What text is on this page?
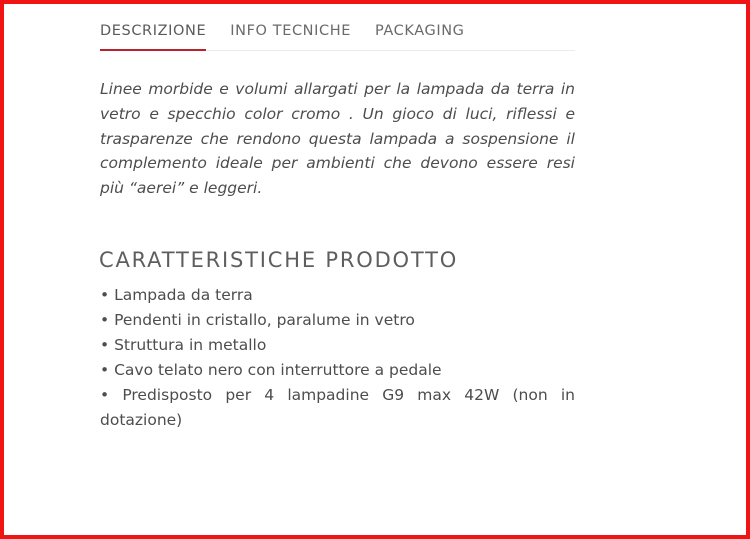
DESCRIZIONE INFO TECNICHE PACKAGING

Linee morbide e volumi allargati per la lampada da terra in vetro e specchio color cromo . Un gioco di luci, riflessi e trasparenze che rendono questa lampada a sospensione il complemento ideale per ambienti che devono essere resi più “aerei” e leggeri.

CARATTERISTICHE PRODOTTO
• Lampada da terra
• Pendenti in cristallo, paralume in vetro
• Struttura in metallo
• Cavo telato nero con interruttore a pedale
• Predisposto per 4 lampadine G9 max 42W (non in dotazione)
